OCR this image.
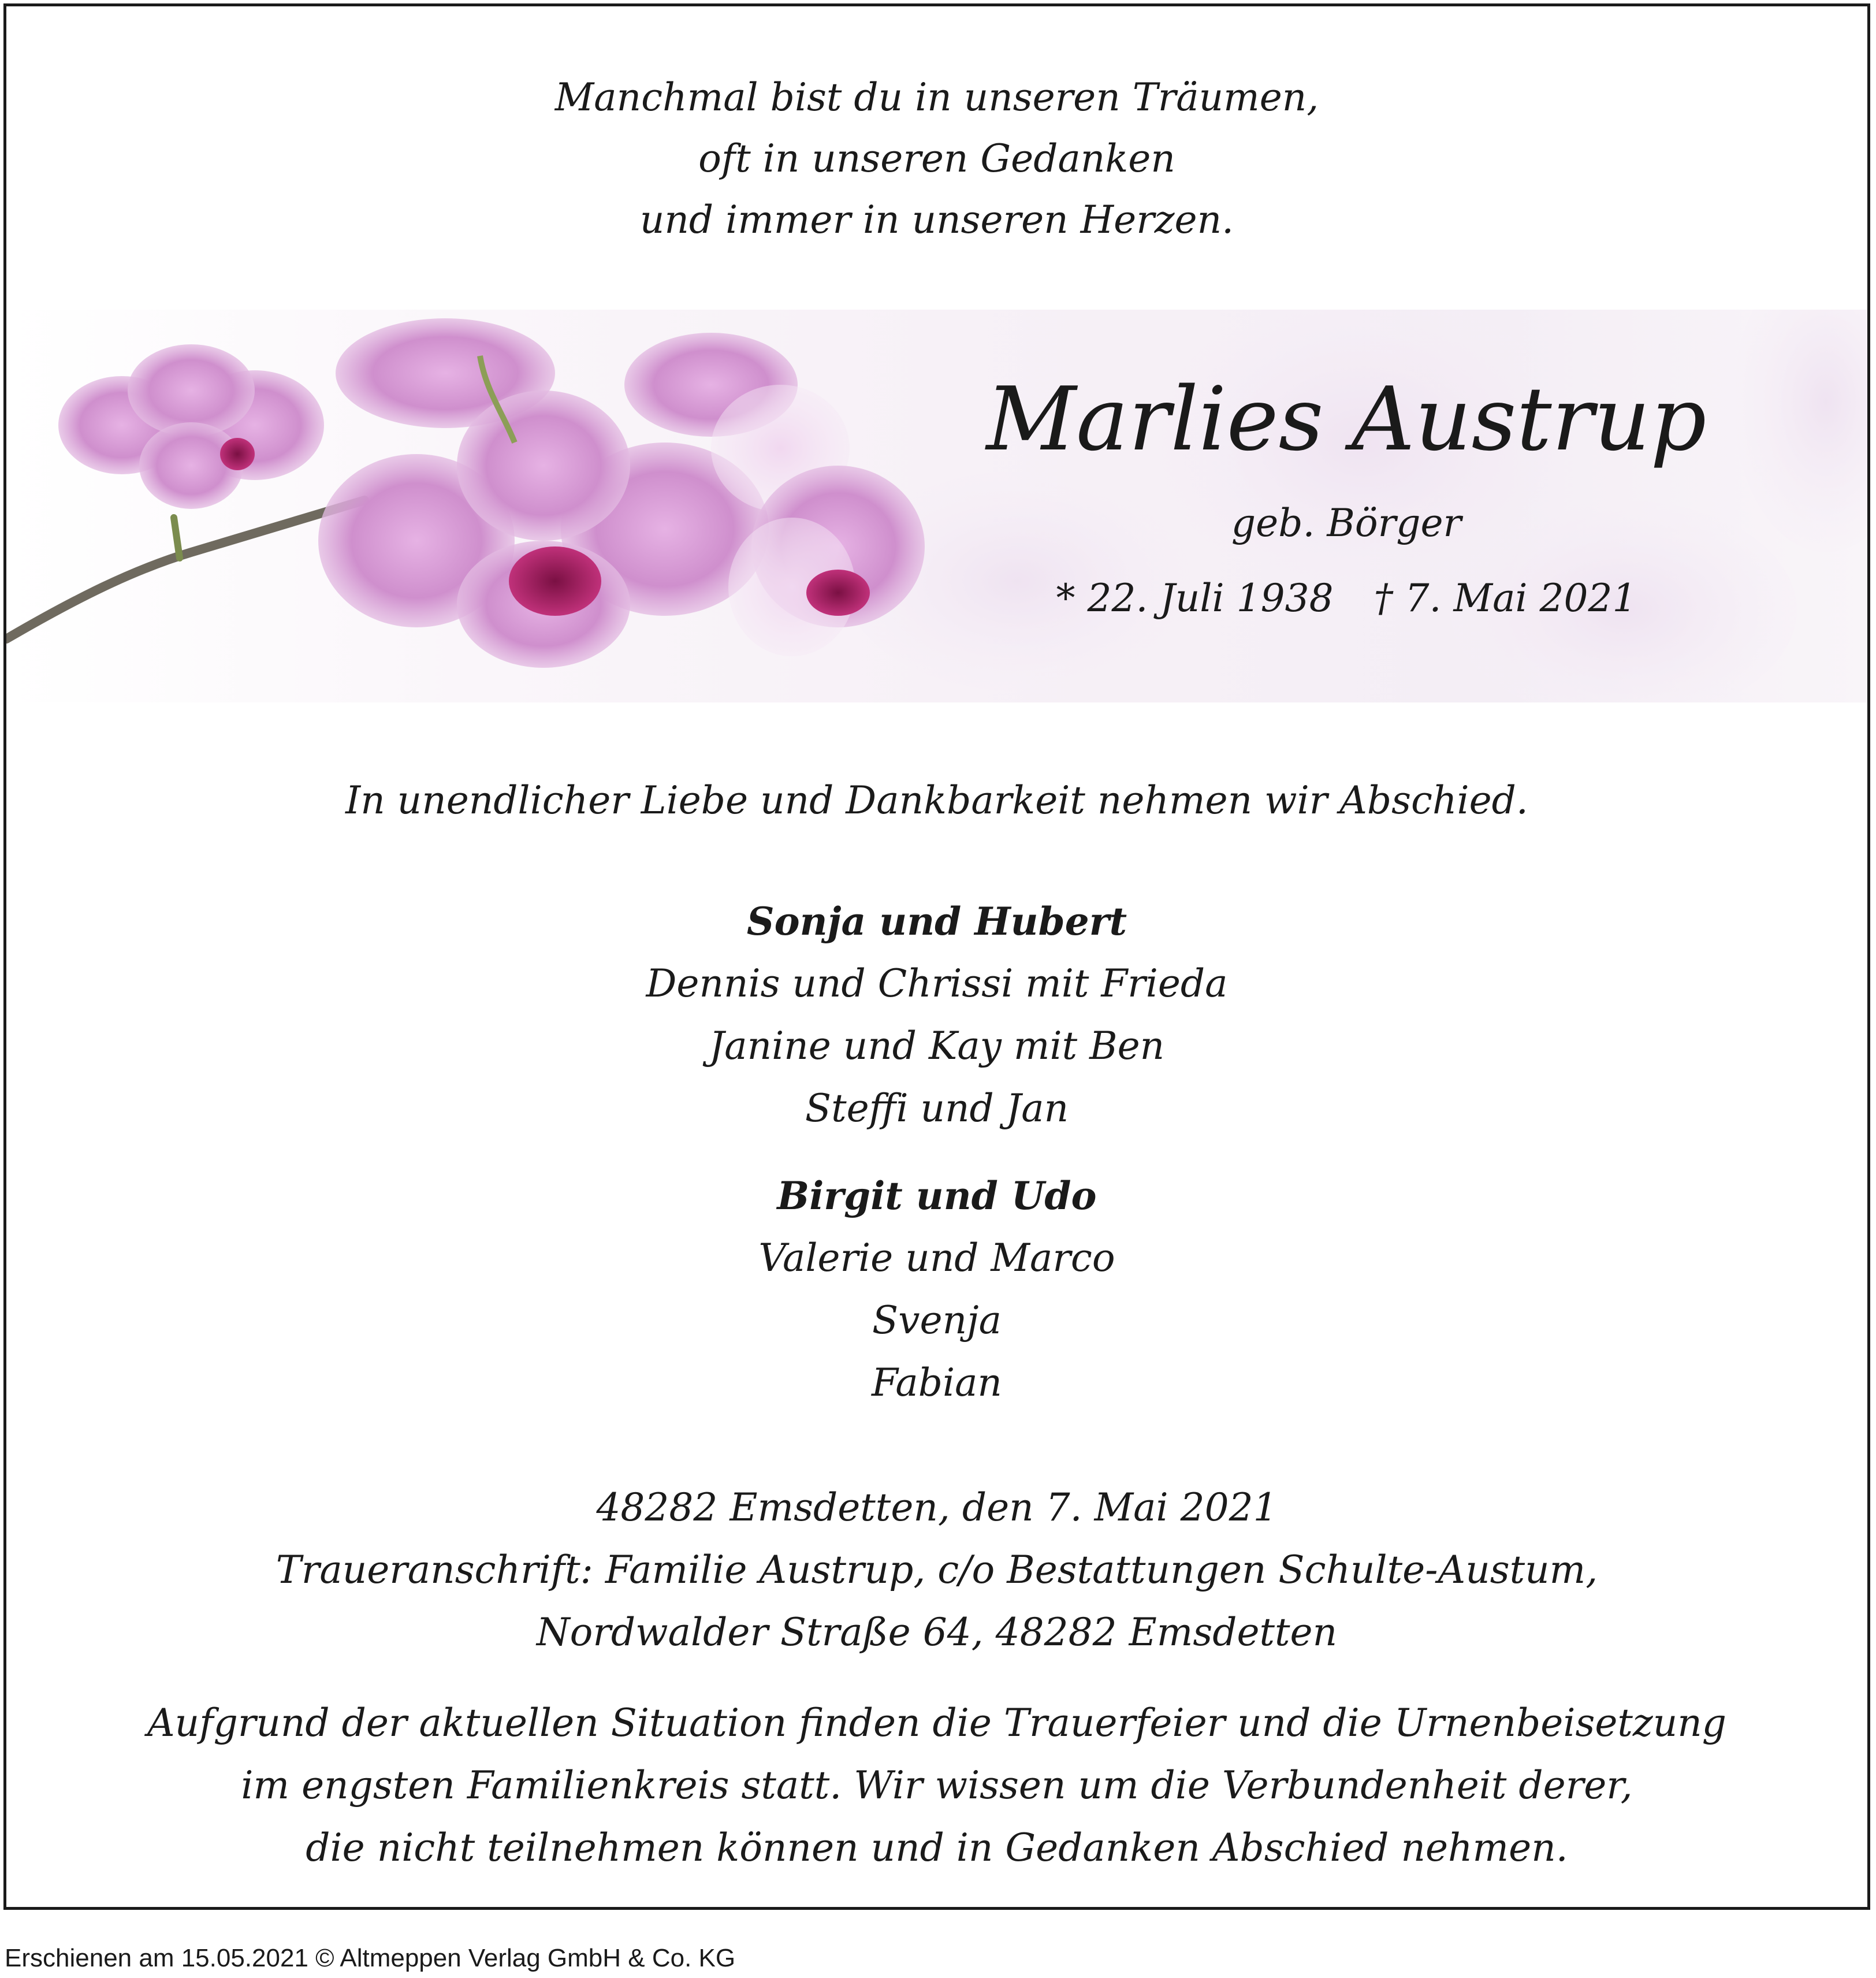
Manchmal bist du in unseren Träumen,
oft in unseren Gedanken
und immer in unseren Herzen.
Marlies Austrup
geb. Börger
* 22. Juli 1938 † 7. Mai 2021
In unendlicher Liebe und Dankbarkeit nehmen wir Abschied.
Sonja und Hubert
Dennis und Chrissi mit Frieda
Janine und Kay mit Ben
Steffi und Jan
Birgit und Udo
Valerie und Marco
Svenja
Fabian
48282 Emsdetten, den 7. Mai 2021
Traueranschrift: Familie Austrup, c/o Bestattungen Schulte-Austum,
Nordwalder Straße 64, 48282 Emsdetten
Aufgrund der aktuellen Situation finden die Trauerfeier und die Urnenbeisetzung
im engsten Familienkreis statt. Wir wissen um die Verbundenheit derer,
die nicht teilnehmen können und in Gedanken Abschied nehmen.
Erschienen am 15.05.2021 © Altmeppen Verlag GmbH & Co. KG
